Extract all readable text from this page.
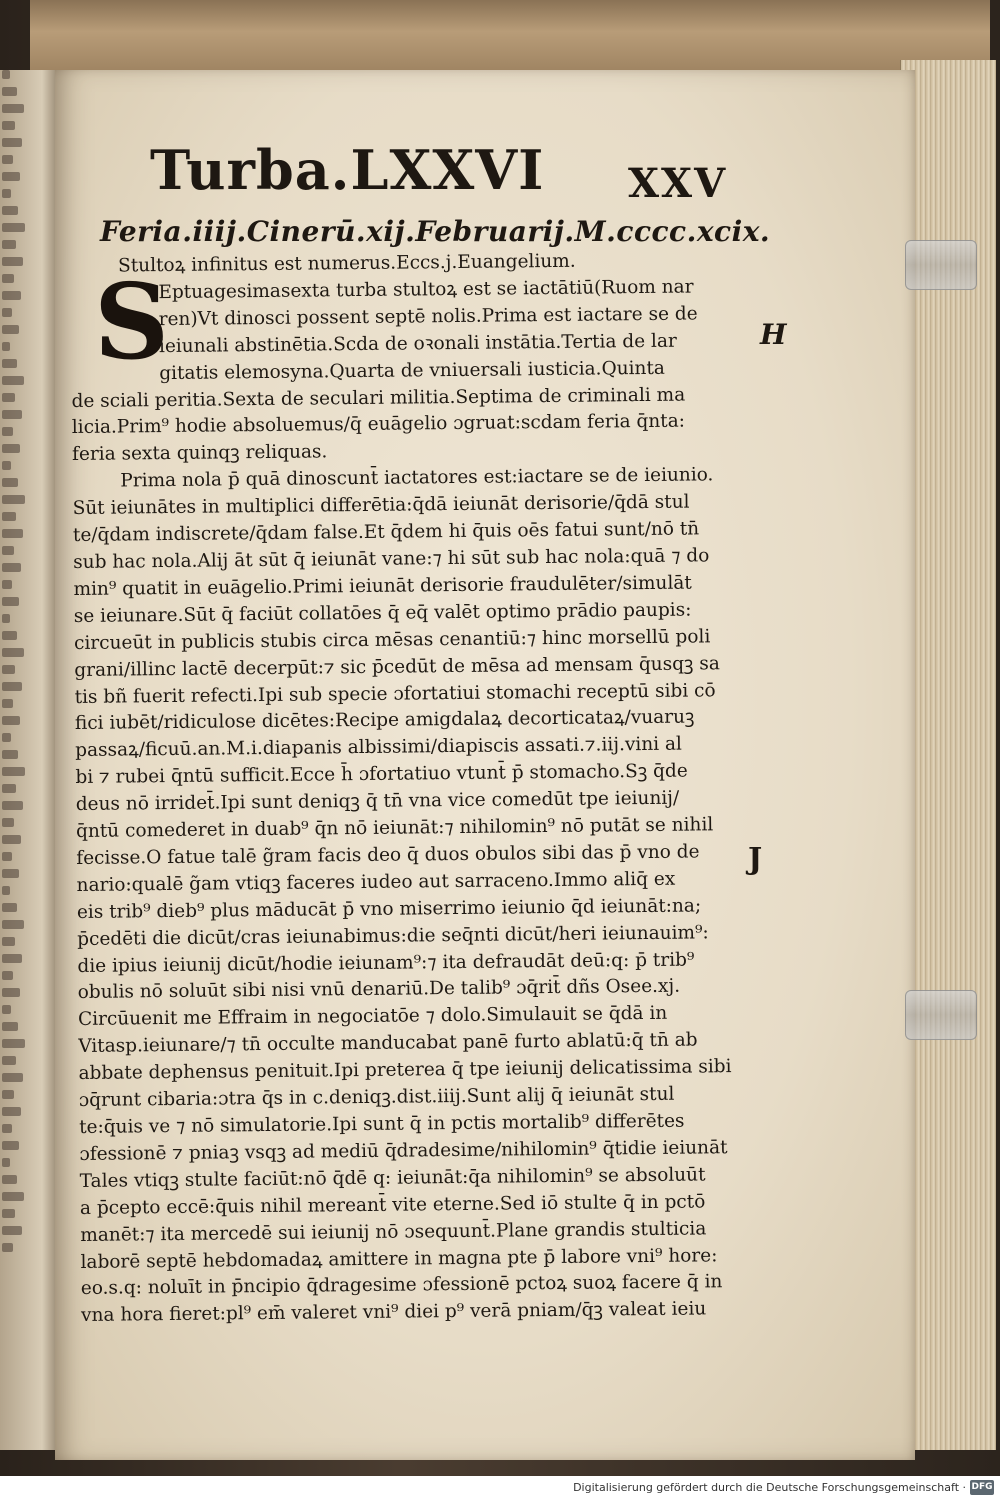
Turba.LXXVI XXV
Feria.iiij.Cinerū.xij.Februarij.M.cccc.xcix.
S	H
J
Stultoꝝ infinitus est numerus.Eccs.j.Euangelium.
Eptuagesimasexta turba stultoꝝ est se iactātiū(Ruom nar
ren)Vt dinosci possent septē nolis.Prima est iactare se de
ieiunali abstinētia.Scda de oꝛonali instātia.Tertia de lar
gitatis elemosyna.Quarta de vniuersali iusticia.Quinta
de sciali peritia.Sexta de seculari militia.Septima de criminali ma
licia.Prim⁹ hodie absoluemus/q̄ euāgelio ɔgruat:scdam feria q̄nta:
feria sexta quinqꝫ reliquas.
Prima nola p̄ quā dinoscunt̄ iactatores est:iactare se de ieiunio.
Sūt ieiunātes in multiplici differētia:q̄dā ieiunāt derisorie/q̄dā stul
te/q̄dam indiscrete/q̄dam false.Et q̄dem hi q̄uis oēs fatui sunt/nō tn̄
sub hac nola.Alij āt sūt q̄ ieiunāt vane:⁊ hi sūt sub hac nola:quā ⁊ do
min⁹ quatit in euāgelio.Primi ieiunāt derisorie fraudulēter/simulāt
se ieiunare.Sūt q̄ faciūt collatōes q̄ eq̄ valēt optimo prādio paupis:
circueūt in publicis stubis circa mēsas cenantiū:⁊ hinc morsellū poli
grani/illinc lactē decerpūt:⁊ sic p̄cedūt de mēsa ad mensam q̄usqꝫ sa
tis bñ fuerit refecti.Ipi sub specie ɔfortatiui stomachi receptū sibi cō
fici iubēt/ridiculose dicētes:Recipe amigdalaꝝ decorticataꝝ/vuaruꝫ
passaꝝ/ficuū.an.M.i.diapanis albissimi/diapiscis assati.⁊.iij.vini al
bi ⁊ rubei q̄ntū sufficit.Ecce h̄ ɔfortatiuo vtunt̄ p̄ stomacho.Sꝫ q̄de
deus nō irridet̄.Ipi sunt deniqꝫ q̄ tn̄ vna vice comedūt tpe ieiunij/
q̄ntū comederet in duab⁹ q̄n nō ieiunāt:⁊ nihilomin⁹ nō putāt se nihil
fecisse.O fatue talē g̃ram facis deo q̄ duos obulos sibi das p̄ vno de
nario:qualē g̃am vtiqꝫ faceres iudeo aut sarraceno.Immo aliq̄ ex
eis trib⁹ dieb⁹ plus māducāt p̄ vno miserrimo ieiunio q̄d ieiunāt:na;
p̄cedēti die dicūt/cras ieiunabimus:die seq̄nti dicūt/heri ieiunauim⁹:
die ipius ieiunij dicūt/hodie ieiunam⁹:⁊ ita defraudāt deū:q: p̄ trib⁹
obulis nō soluūt sibi nisi vnū denariū.De talib⁹ ɔq̄rit̄ dñs Osee.xj.
Circūuenit me Effraim in negociatōe ⁊ dolo.Simulauit se q̄dā in
Vitasp.ieiunare/⁊ tn̄ occulte manducabat panē furto ablatū:q̄ tn̄ ab
abbate dephensus penituit.Ipi preterea q̄ tpe ieiunij delicatissima sibi
ɔq̄runt cibaria:ɔtra q̄s in c.deniqꝫ.dist.iiij.Sunt alij q̄ ieiunāt stul
te:q̄uis ve ⁊ nō simulatorie.Ipi sunt q̄ in pctis mortalib⁹ differētes
ɔfessionē ⁊ pniaꝫ vsqꝫ ad mediū q̄dradesime/nihilomin⁹ q̄tidie ieiunāt
Tales vtiqꝫ stulte faciūt:nō q̄dē q: ieiunāt:q̄a nihilomin⁹ se absoluūt
a p̄cepto eccē:q̄uis nihil mereant̄ vite eterne.Sed iō stulte q̄ in pctō
manēt:⁊ ita mercedē sui ieiunij nō ɔsequunt̄.Plane grandis stulticia
laborē septē hebdomadaꝝ amittere in magna pte p̄ labore vni⁹ hore:
eo.s.q: noluīt in p̄ncipio q̄dragesime ɔfessionē pctoꝝ suoꝝ facere q̄ in
vna hora fieret:pl⁹ em̄ valeret vni⁹ diei p⁹ verā pniam/q̄ꝫ valeat ieiu
Digitalisierung gefördert durch die Deutsche Forschungsgemeinschaft · DFG
